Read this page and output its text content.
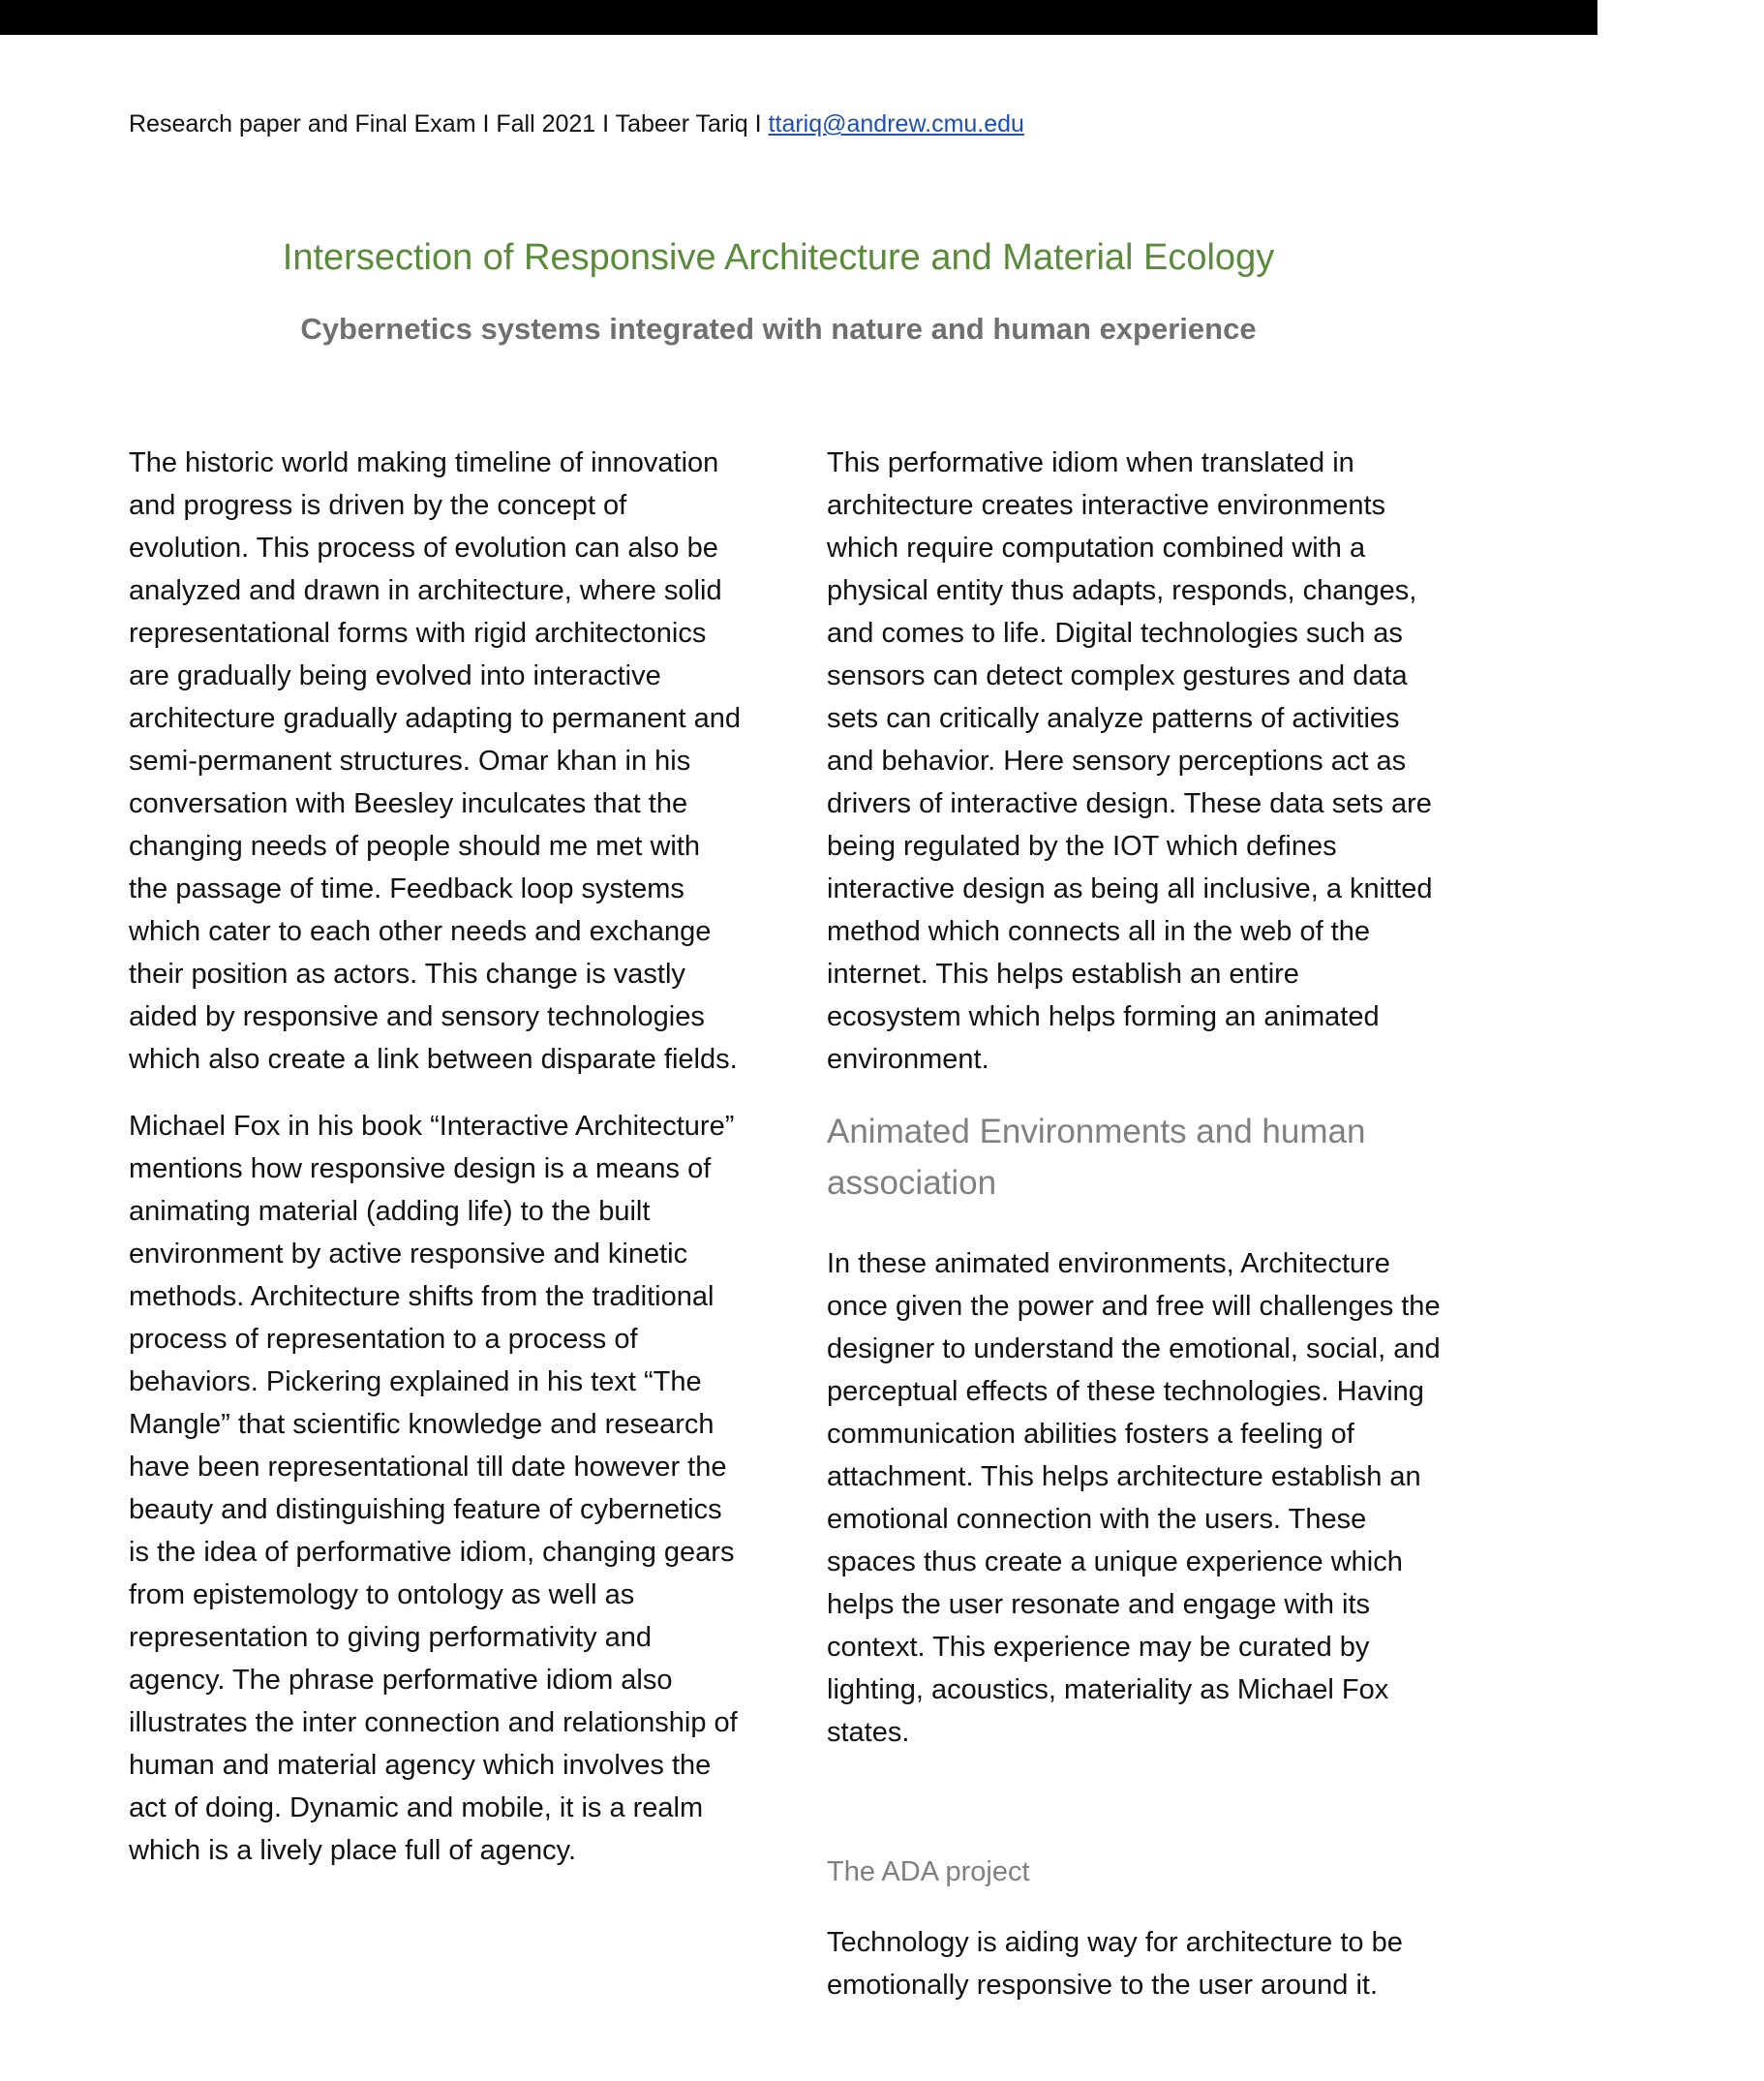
Research paper and Final Exam I Fall 2021 I Tabeer Tariq I ttariq@andrew.cmu.edu
Intersection of Responsive Architecture and Material Ecology
Cybernetics systems integrated with nature and human experience

The historic world making timeline of innovation and progress is driven by the concept of evolution. This process of evolution can also be analyzed and drawn in architecture, where solid representational forms with rigid architectonics are gradually being evolved into interactive architecture gradually adapting to permanent and semi-permanent structures. Omar khan in his conversation with Beesley inculcates that the changing needs of people should me met with the passage of time. Feedback loop systems which cater to each other needs and exchange their position as actors. This change is vastly aided by responsive and sensory technologies which also create a link between disparate fields.

Michael Fox in his book “Interactive Architecture” mentions how responsive design is a means of animating material (adding life) to the built environment by active responsive and kinetic methods. Architecture shifts from the traditional process of representation to a process of behaviors. Pickering explained in his text “The Mangle” that scientific knowledge and research have been representational till date however the beauty and distinguishing feature of cybernetics is the idea of performative idiom, changing gears from epistemology to ontology as well as representation to giving performativity and agency. The phrase performative idiom also illustrates the inter connection and relationship of human and material agency which involves the act of doing. Dynamic and mobile, it is a realm which is a lively place full of agency.

This performative idiom when translated in architecture creates interactive environments which require computation combined with a physical entity thus adapts, responds, changes, and comes to life. Digital technologies such as sensors can detect complex gestures and data sets can critically analyze patterns of activities and behavior. Here sensory perceptions act as drivers of interactive design. These data sets are being regulated by the IOT which defines interactive design as being all inclusive, a knitted method which connects all in the web of the internet. This helps establish an entire ecosystem which helps forming an animated environment.

Animated Environments and human association

In these animated environments, Architecture once given the power and free will challenges the designer to understand the emotional, social, and perceptual effects of these technologies. Having communication abilities fosters a feeling of attachment. This helps architecture establish an emotional connection with the users. These spaces thus create a unique experience which helps the user resonate and engage with its context. This experience may be curated by lighting, acoustics, materiality as Michael Fox states.

The ADA project

Technology is aiding way for architecture to be emotionally responsive to the user around it.
